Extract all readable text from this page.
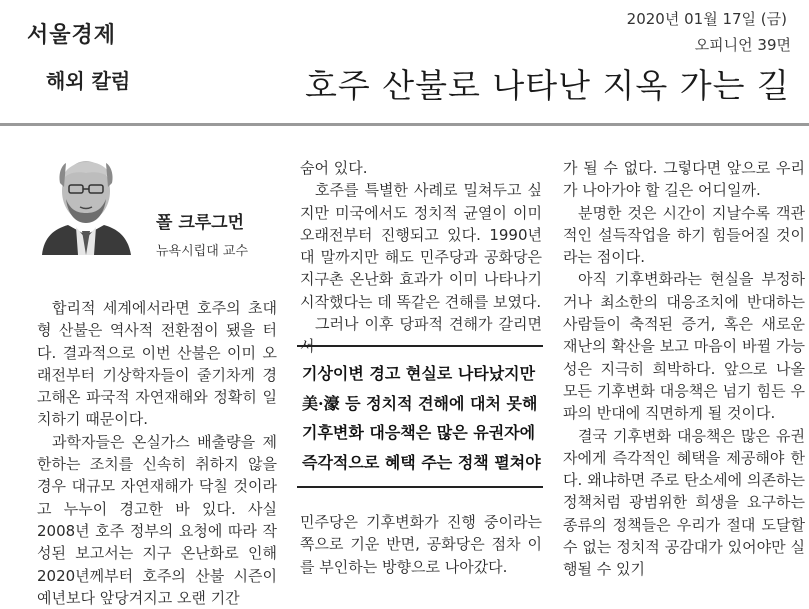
서울경제
해외 칼럼
2020년 01월 17일 (금)
오피니언 39면
호주 산불로 나타난 지옥 가는 길
폴 크루그먼
뉴욕시립대 교수

합리적 세계에서라면 호주의 초대형 산불은 역사적 전환점이 됐을 터다. 결과적으로 이번 산불은 이미 오래전부터 기상학자들이 줄기차게 경고해온 파국적 자연재해와 정확히 일치하기 때문이다.

과학자들은 온실가스 배출량을 제한하는 조치를 신속히 취하지 않을 경우 대규모 자연재해가 닥칠 것이라고 누누이 경고한 바 있다. 사실 2008년 호주 정부의 요청에 따라 작성된 보고서는 지구 온난화로 인해 2020년께부터 호주의 산불 시즌이 예년보다 앞당겨지고 오랜 기간

숨어 있다.

호주를 특별한 사례로 밀쳐두고 싶지만 미국에서도 정치적 균열이 이미 오래전부터 진행되고 있다. 1990년대 말까지만 해도 민주당과 공화당은 지구촌 온난화 효과가 이미 나타나기 시작했다는 데 똑같은 견해를 보였다.

그러나 이후 당파적 견해가 갈리면

기상이변 경고 현실로 나타났지만
美·濠 등 정치적 견해에 대처 못해
기후변화 대응책은 많은 유권자에
즉각적으로 혜택 주는 정책 펼쳐야

민주당은 기후변화가 진행 중이라는 쪽으로 기운 반면, 공화당은 점차 이를 부인하는 방향으로 나아갔다.

가 될 수 없다. 그렇다면 앞으로 우리가 나아가야 할 길은 어디일까.

분명한 것은 시간이 지날수록 객관적인 설득작업을 하기 힘들어질 것이라는 점이다.

아직 기후변화라는 현실을 부정하거나 최소한의 대응조치에 반대하는 사람들이 축적된 증거, 혹은 새로운 재난의 확산을 보고 마음이 바뀔 가능성은 지극히 희박하다. 앞으로 나올 모든 기후변화 대응책은 넘기 힘든 우파의 반대에 직면하게 될 것이다.

결국 기후변화 대응책은 많은 유권자에게 즉각적인 혜택을 제공해야 한다. 왜냐하면 주로 탄소세에 의존하는 정책처럼 광범위한 희생을 요구하는 종류의 정책들은 우리가 절대 도달할 수 없는 정치적 공감대가 있어야만 실행될 수 있기
